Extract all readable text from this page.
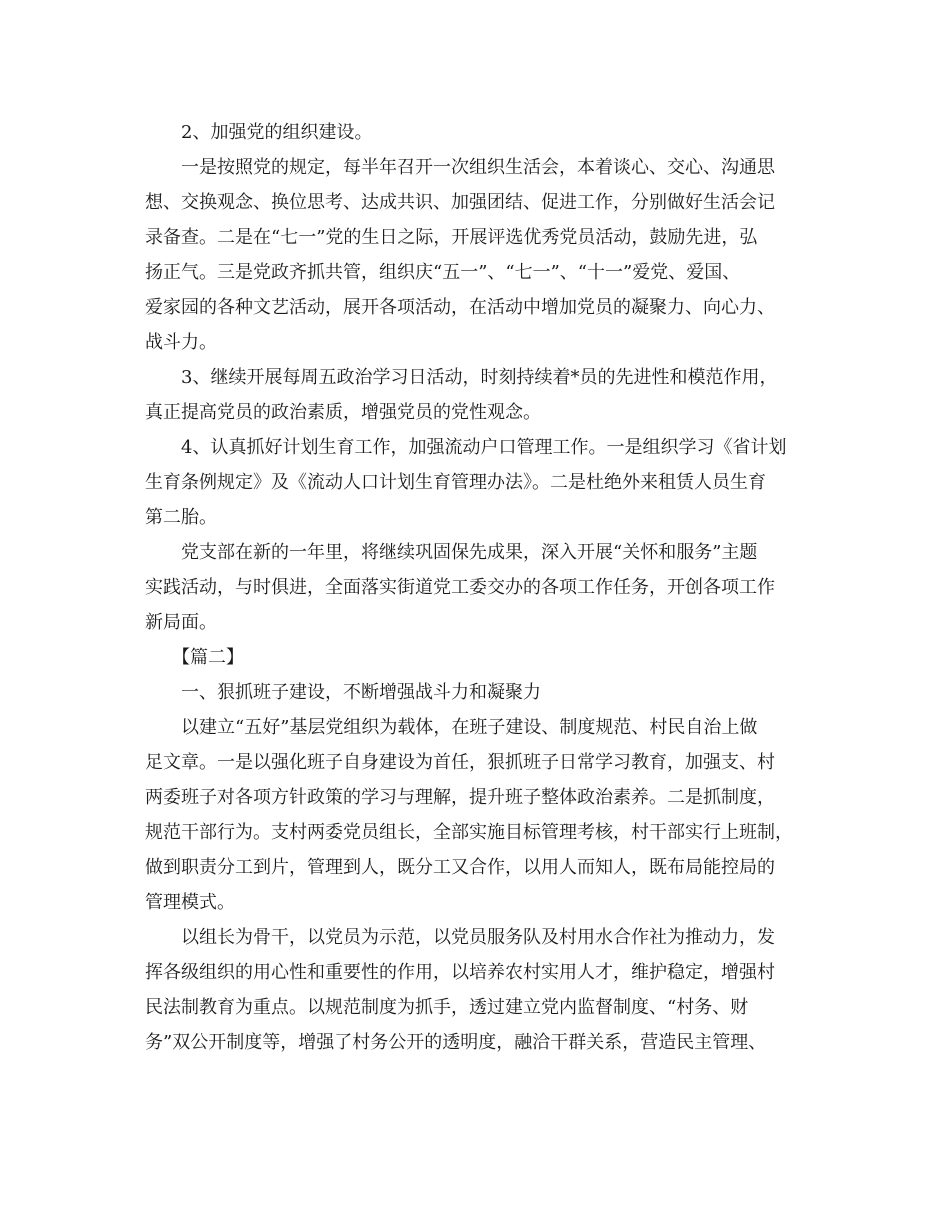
2、加强党的组织建设。
一是按照党的规定，每半年召开一次组织生活会，本着谈心、交心、沟通思
想、交换观念、换位思考、达成共识、加强团结、促进工作，分别做好生活会记
录备查。二是在“七一”党的生日之际，开展评选优秀党员活动，鼓励先进，弘
扬正气。三是党政齐抓共管，组织庆“五一”、“七一”、“十一”爱党、爱国、
爱家园的各种文艺活动，展开各项活动，在活动中增加党员的凝聚力、向心力、
战斗力。
3、继续开展每周五政治学习日活动，时刻持续着*员的先进性和模范作用，
真正提高党员的政治素质，增强党员的党性观念。
4、认真抓好计划生育工作，加强流动户口管理工作。一是组织学习《省计划
生育条例规定》及《流动人口计划生育管理办法》。二是杜绝外来租赁人员生育
第二胎。
党支部在新的一年里，将继续巩固保先成果，深入开展“关怀和服务”主题
实践活动，与时俱进，全面落实街道党工委交办的各项工作任务，开创各项工作
新局面。
【篇二】
一、狠抓班子建设，不断增强战斗力和凝聚力
以建立“五好”基层党组织为载体，在班子建设、制度规范、村民自治上做
足文章。一是以强化班子自身建设为首任，狠抓班子日常学习教育，加强支、村
两委班子对各项方针政策的学习与理解，提升班子整体政治素养。二是抓制度，
规范干部行为。支村两委党员组长，全部实施目标管理考核，村干部实行上班制，
做到职责分工到片，管理到人，既分工又合作，以用人而知人，既布局能控局的
管理模式。
以组长为骨干，以党员为示范，以党员服务队及村用水合作社为推动力，发
挥各级组织的用心性和重要性的作用，以培养农村实用人才，维护稳定，增强村
民法制教育为重点。以规范制度为抓手，透过建立党内监督制度、“村务、财
务”双公开制度等，增强了村务公开的透明度，融洽干群关系，营造民主管理、
